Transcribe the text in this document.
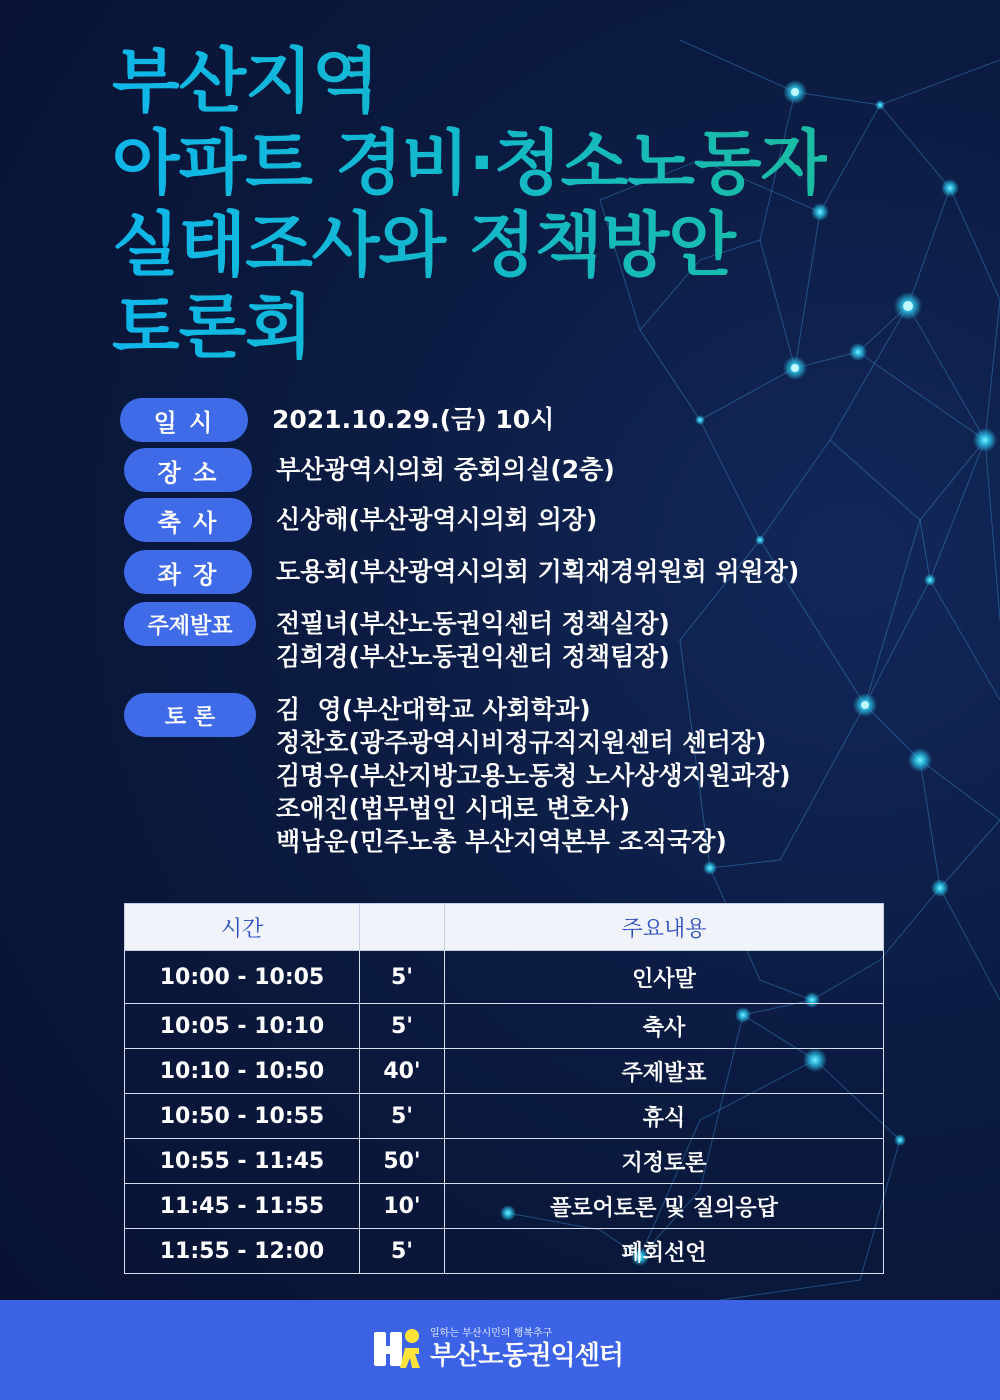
부산지역
아파트 경비·청소노동자
실태조사와 정책방안
토론회
일 시	2021.10.29.(금) 10시
장 소	부산광역시의회 중회의실(2층)
축 사	신상해(부산광역시의회 의장)
좌 장	도용회(부산광역시의회 기획재경위원회 위원장)
주제발표	전필녀(부산노동권익센터 정책실장)
김희경(부산노동권익센터 정책팀장)
토 론	김  영(부산대학교 사회학과)
정찬호(광주광역시비정규직지원센터 센터장)
김명우(부산지방고용노동청 노사상생지원과장)
조애진(법무법인 시대로 변호사)
백남운(민주노총 부산지역본부 조직국장)
시간		주요내용
10:00 - 10:05	5'	인사말
10:05 - 10:10	5'	축사
10:10 - 10:50	40'	주제발표
10:50 - 10:55	5'	휴식
10:55 - 11:45	50'	지정토론
11:45 - 11:55	10'	플로어토론 및 질의응답
11:55 - 12:00	5'	폐회선언
일하는 부산시민의 행복추구
부산노동권익센터
